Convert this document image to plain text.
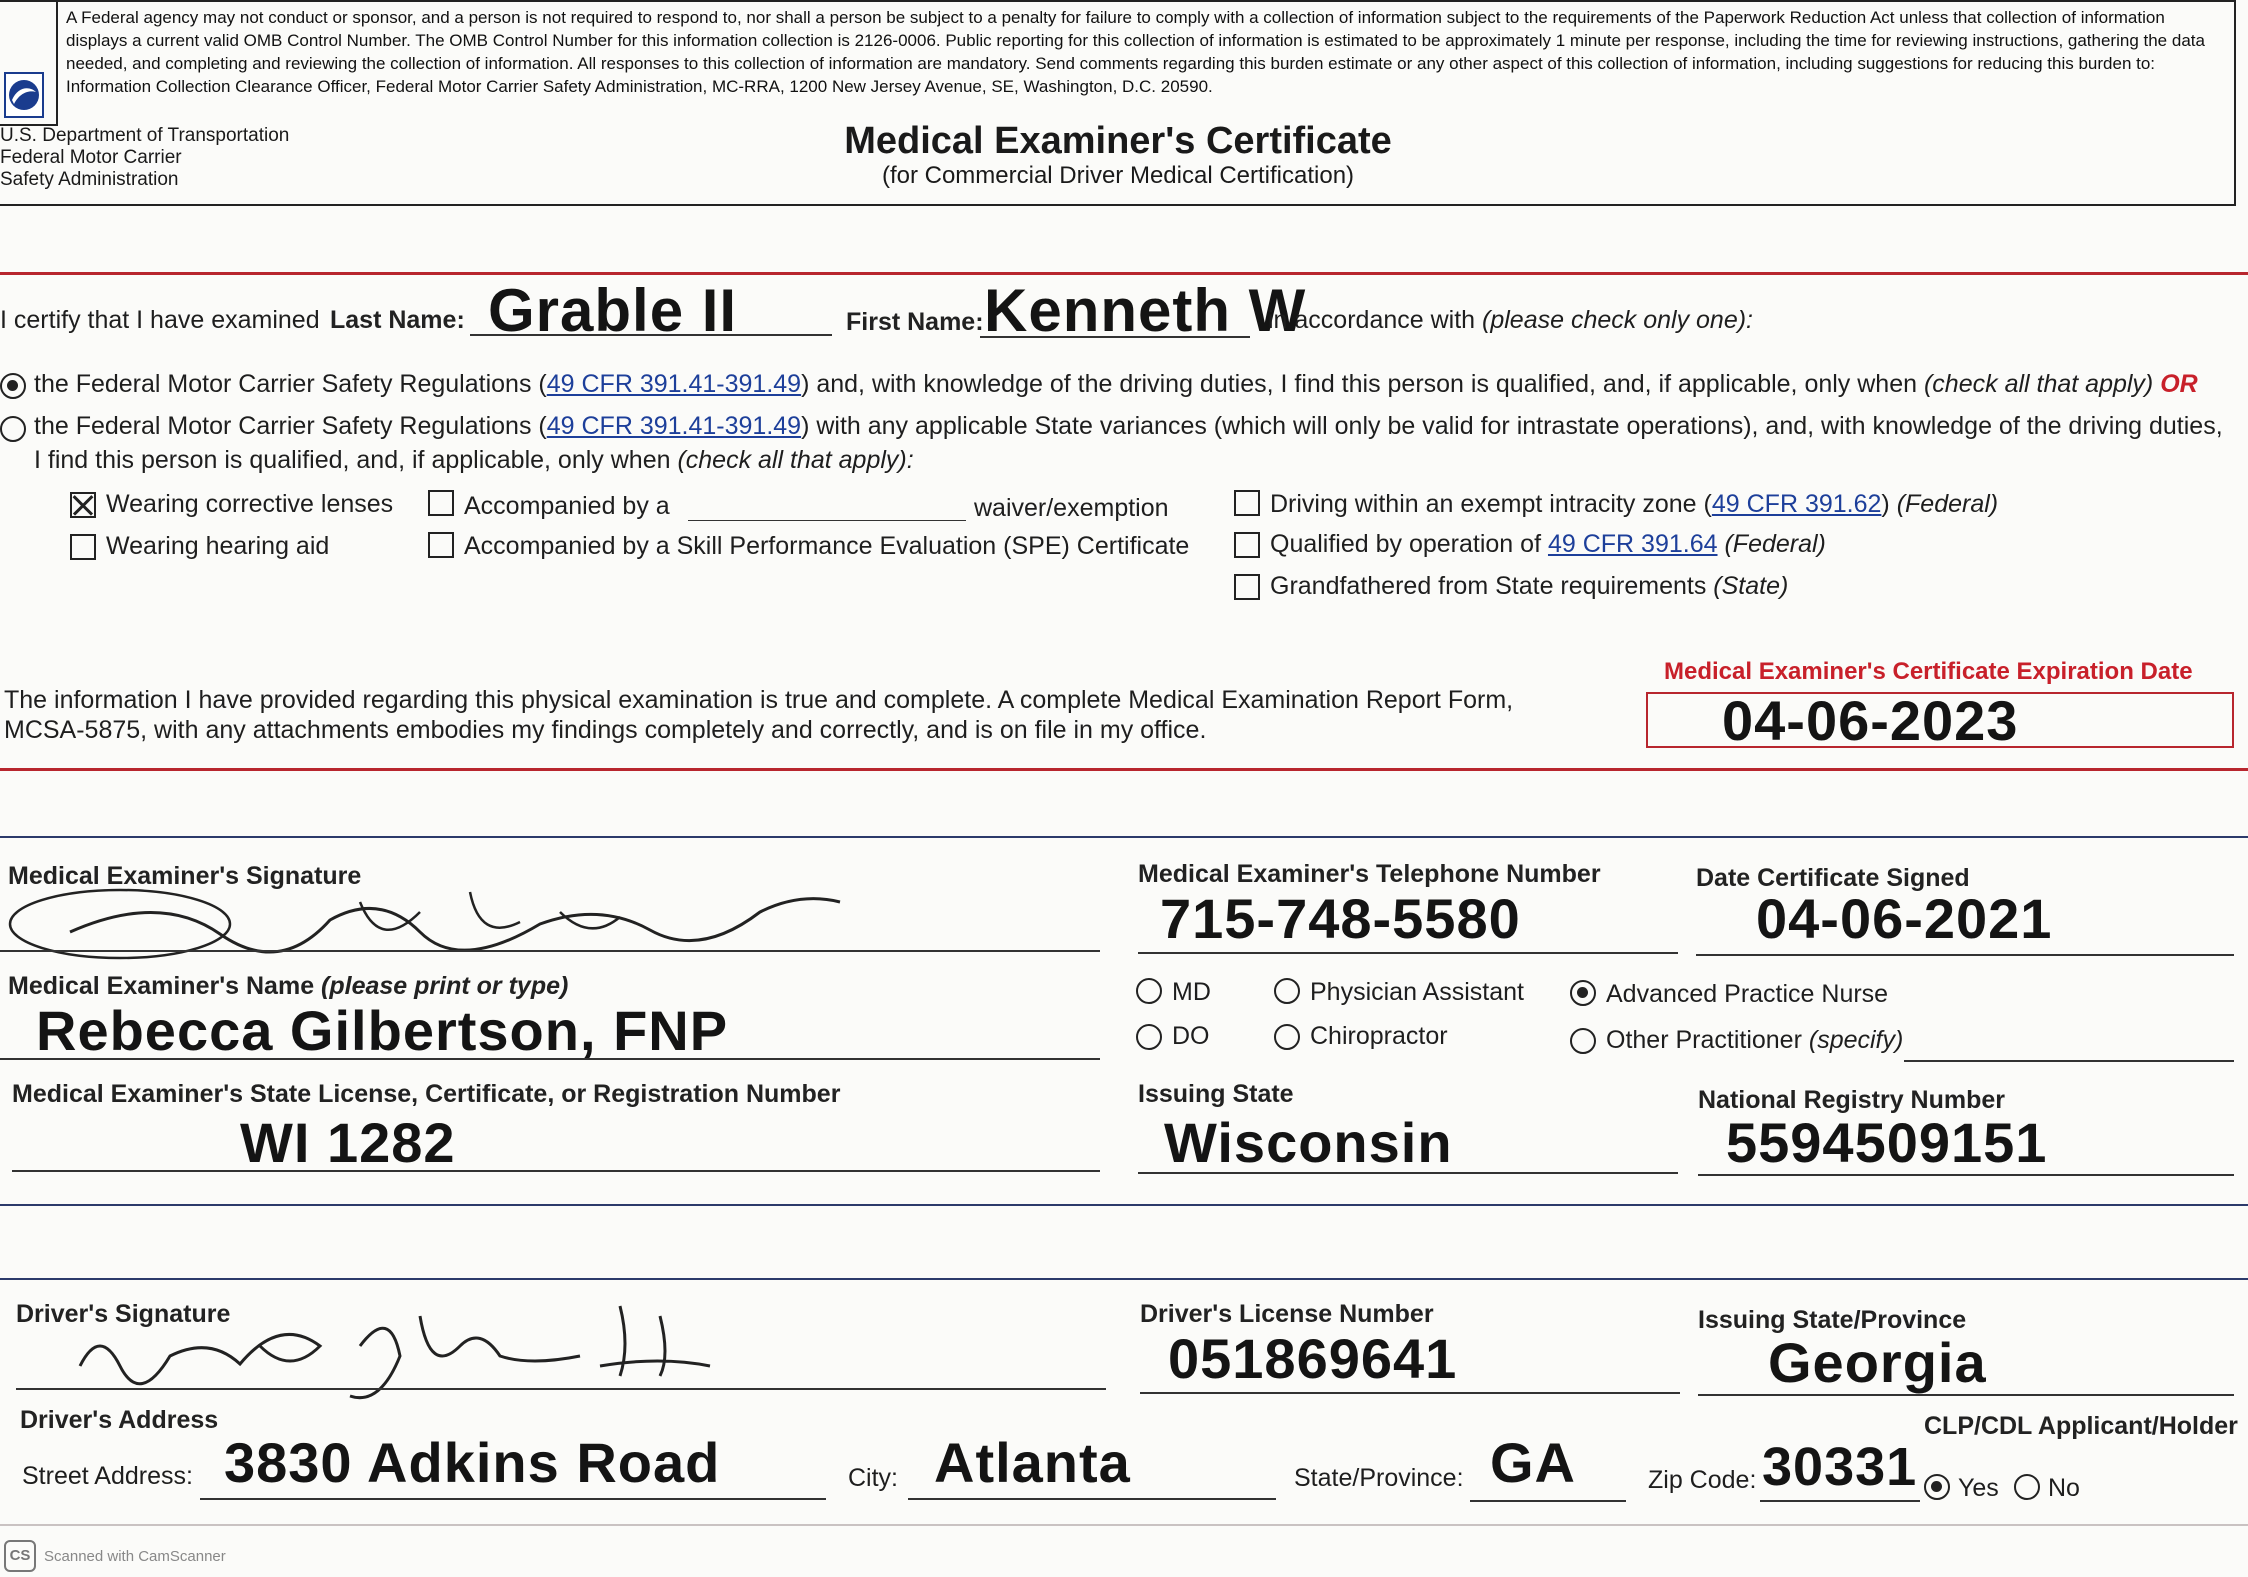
A Federal agency may not conduct or sponsor, and a person is not required to respond to, nor shall a person be subject to a penalty for failure to comply with a collection of information subject to the requirements of the Paperwork Reduction Act unless that collection of information displays a current valid OMB Control Number. The OMB Control Number for this information collection is 2126-0006. Public reporting for this collection of information is estimated to be approximately 1 minute per response, including the time for reviewing instructions, gathering the data needed, and completing and reviewing the collection of information. All responses to this collection of information are mandatory. Send comments regarding this burden estimate or any other aspect of this collection of information, including suggestions for reducing this burden to: Information Collection Clearance Officer, Federal Motor Carrier Safety Administration, MC-RRA, 1200 New Jersey Avenue, SE, Washington, D.C. 20590.
U.S. Department of Transportation
Federal Motor Carrier
Safety Administration
Medical Examiner's Certificate
(for Commercial Driver Medical Certification)
I certify that I have examined Last Name: Grable II	First Name: Kenneth W
in accordance with (please check only one):
the Federal Motor Carrier Safety Regulations (49 CFR 391.41-391.49) and, with knowledge of the driving duties, I find this person is qualified, and, if applicable, only when (check all that apply) OR
the Federal Motor Carrier Safety Regulations (49 CFR 391.41-391.49) with any applicable State variances (which will only be valid for intrastate operations), and, with knowledge of the driving duties,
I find this person is qualified, and, if applicable, only when (check all that apply):
Wearing corrective lenses
Wearing hearing aid
Accompanied by a	waiver/exemption
Accompanied by a Skill Performance Evaluation (SPE) Certificate
Driving within an exempt intracity zone (49 CFR 391.62) (Federal)
Qualified by operation of 49 CFR 391.64 (Federal)
Grandfathered from State requirements (State)
The information I have provided regarding this physical examination is true and complete. A complete Medical Examination Report Form,
MCSA-5875, with any attachments embodies my findings completely and correctly, and is on file in my office.
Medical Examiner's Certificate Expiration Date
04-06-2023
Medical Examiner's Signature	Medical Examiner's Telephone Number
715-748-5580
Date Certificate Signed
04-06-2021
Medical Examiner's Name (please print or type)
Rebecca Gilbertson, FNP
MD
DO
Physician Assistant
Chiropractor
Advanced Practice Nurse
Other Practitioner (specify)
Medical Examiner's State License, Certificate, or Registration Number
WI 1282
Issuing State
Wisconsin
National Registry Number
5594509151
Driver's Signature	Driver's License Number
051869641
Issuing State/Province
Georgia
Driver's Address	CLP/CDL Applicant/Holder
Street Address: 3830 Adkins Road	City: Atlanta	State/Province: GA	Zip Code: 30331 Yes No
CS Scanned with CamScanner
